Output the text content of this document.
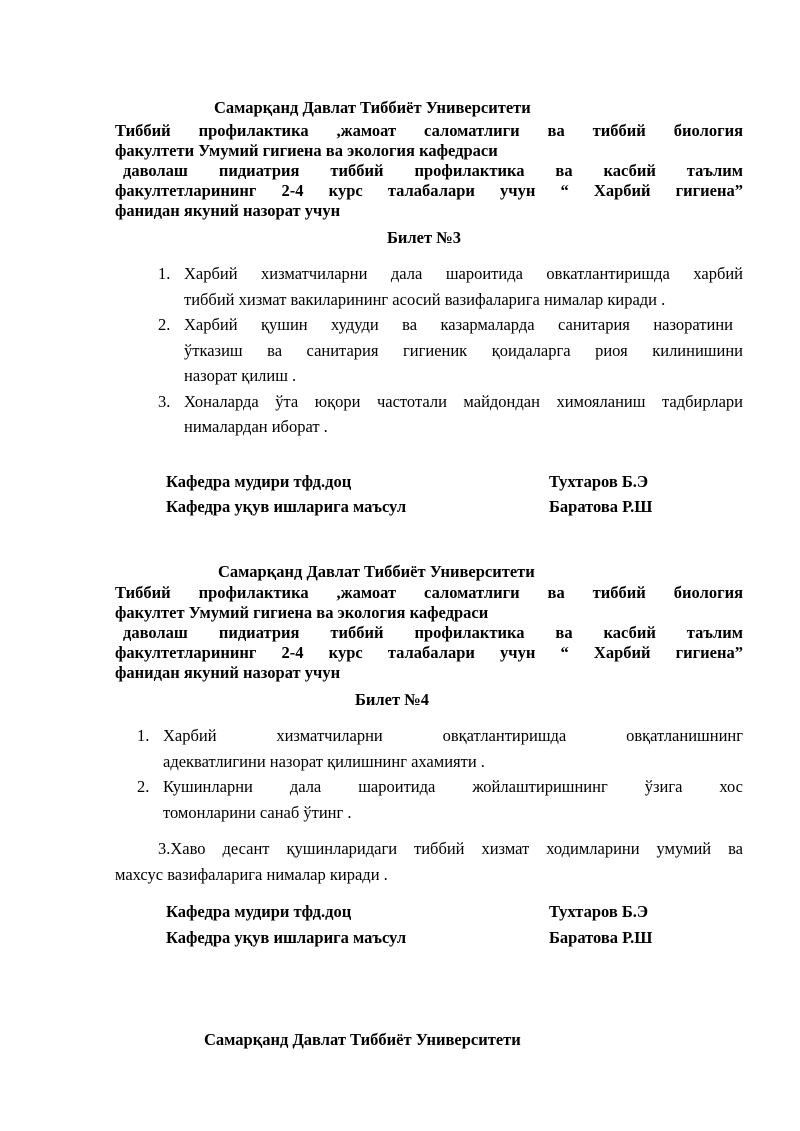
Самарқанд Давлат Тиббиёт Университети
Тиббий профилактика ,жамоат саломатлиги ва тиббий биология
факултети Умумий гигиена ва экология кафедраси
даволаш пидиатрия тиббий профилактика ва касбий таълим
факултетларининг 2-4 курс талабалари учун “ Харбий гигиена”
фанидан якуний назорат учун
Билет №3
1. Харбий хизматчиларни дала шароитида овкатлантиришда харбий
тиббий хизмат вакиларининг асосий вазифаларига нималар киради .
2. Харбий қушин худуди ва казармаларда санитария назоратини
ўтказиш ва санитария гигиеник қоидаларга риоя килинишини
назорат қилиш .
3. Хоналарда ўта юқори частотали майдондан химояланиш тадбирлари
нималардан иборат .
Кафедра мудири тфд.доц	Тухтаров Б.Э
Кафедра уқув ишларига маъсул	Баратова Р.Ш
Самарқанд Давлат Тиббиёт Университети
Тиббий профилактика ,жамоат саломатлиги ва тиббий биология
факултет Умумий гигиена ва экология кафедраси
даволаш пидиатрия тиббий профилактика ва касбий таълим
факултетларининг 2-4 курс талабалари учун “ Харбий гигиена”
фанидан якуний назорат учун
Билет №4
1. Харбий хизматчиларни овқатлантиришда овқатланишнинг
адекватлигини назорат қилишнинг ахамияти .
2. Кушинларни дала шароитида жойлаштиришнинг ўзига хос
томонларини санаб ўтинг .
3.Хаво десант қушинларидаги тиббий хизмат ходимларини умумий ва
махсус вазифаларига нималар киради .
Кафедра мудири тфд.доц	Тухтаров Б.Э
Кафедра уқув ишларига маъсул	Баратова Р.Ш
Самарқанд Давлат Тиббиёт Университети
